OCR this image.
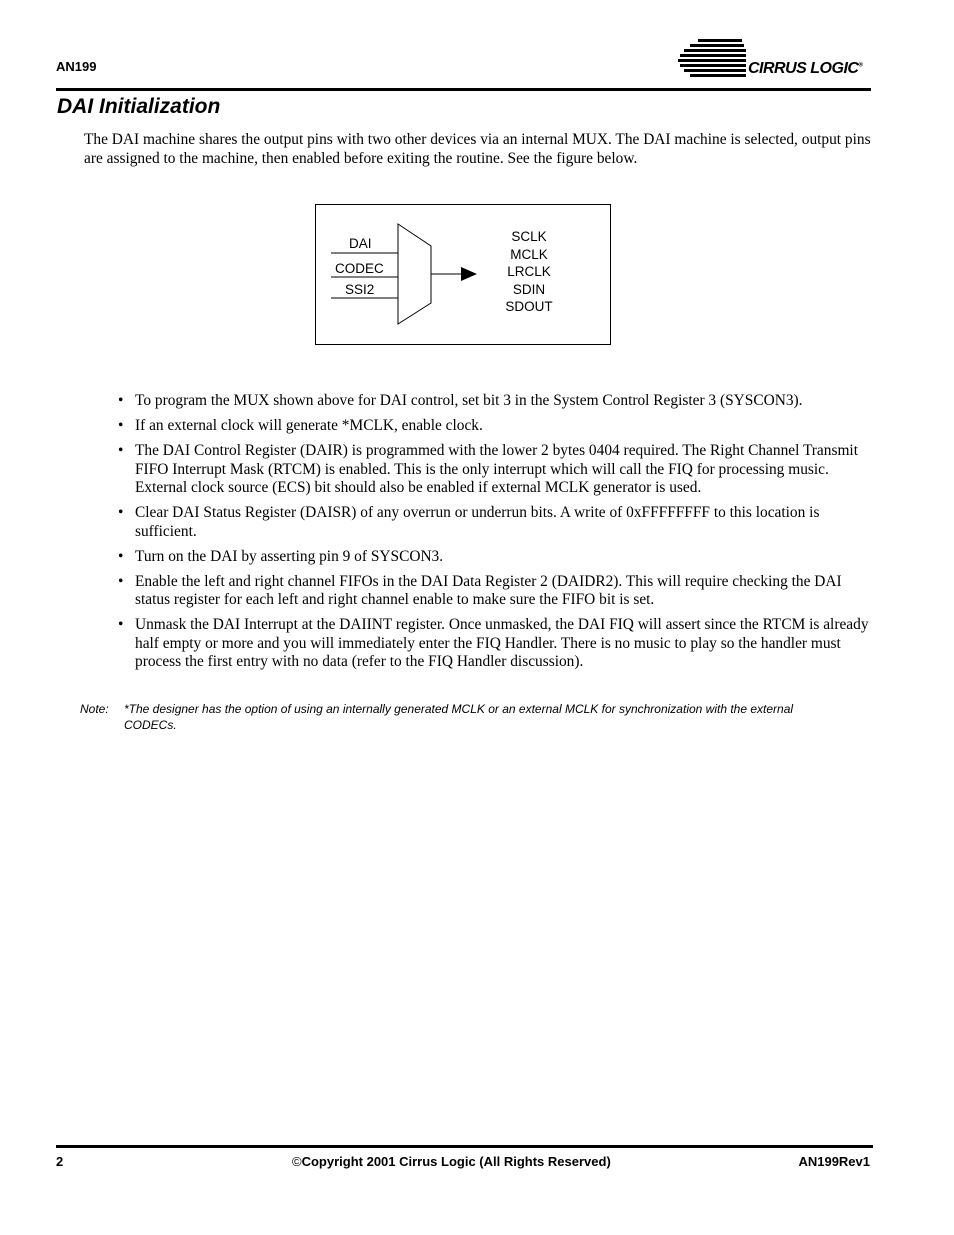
AN199	CIRRUS LOGIC®
DAI Initialization

The DAI machine shares the output pins with two other devices via an internal MUX. The DAI machine is selected, output pins are assigned to the machine, then enabled before exiting the routine. See the figure below.

DAI
CODEC
SSI2
SCLK
MCLK
LRCLK
SDIN
SDOUT
• To program the MUX shown above for DAI control, set bit 3 in the System Control Register 3 (SYSCON3).
• If an external clock will generate *MCLK, enable clock.
• The DAI Control Register (DAIR) is programmed with the lower 2 bytes 0404 required. The Right Channel Transmit FIFO Interrupt Mask (RTCM) is enabled. This is the only interrupt which will call the FIQ for processing music. External clock source (ECS) bit should also be enabled if external MCLK generator is used.
• Clear DAI Status Register (DAISR) of any overrun or underrun bits. A write of 0xFFFFFFFF to this location is sufficient.
• Turn on the DAI by asserting pin 9 of SYSCON3.
• Enable the left and right channel FIFOs in the DAI Data Register 2 (DAIDR2). This will require checking the DAI status register for each left and right channel enable to make sure the FIFO bit is set.
• Unmask the DAI Interrupt at the DAIINT register. Once unmasked, the DAI FIQ will assert since the RTCM is already half empty or more and you will immediately enter the FIQ Handler. There is no music to play so the handler must process the first entry with no data (refer to the FIQ Handler discussion).
Note: *The designer has the option of using an internally generated MCLK or an external MCLK for synchronization with the external CODECs.
2	©Copyright 2001 Cirrus Logic (All Rights Reserved)	AN199Rev1
